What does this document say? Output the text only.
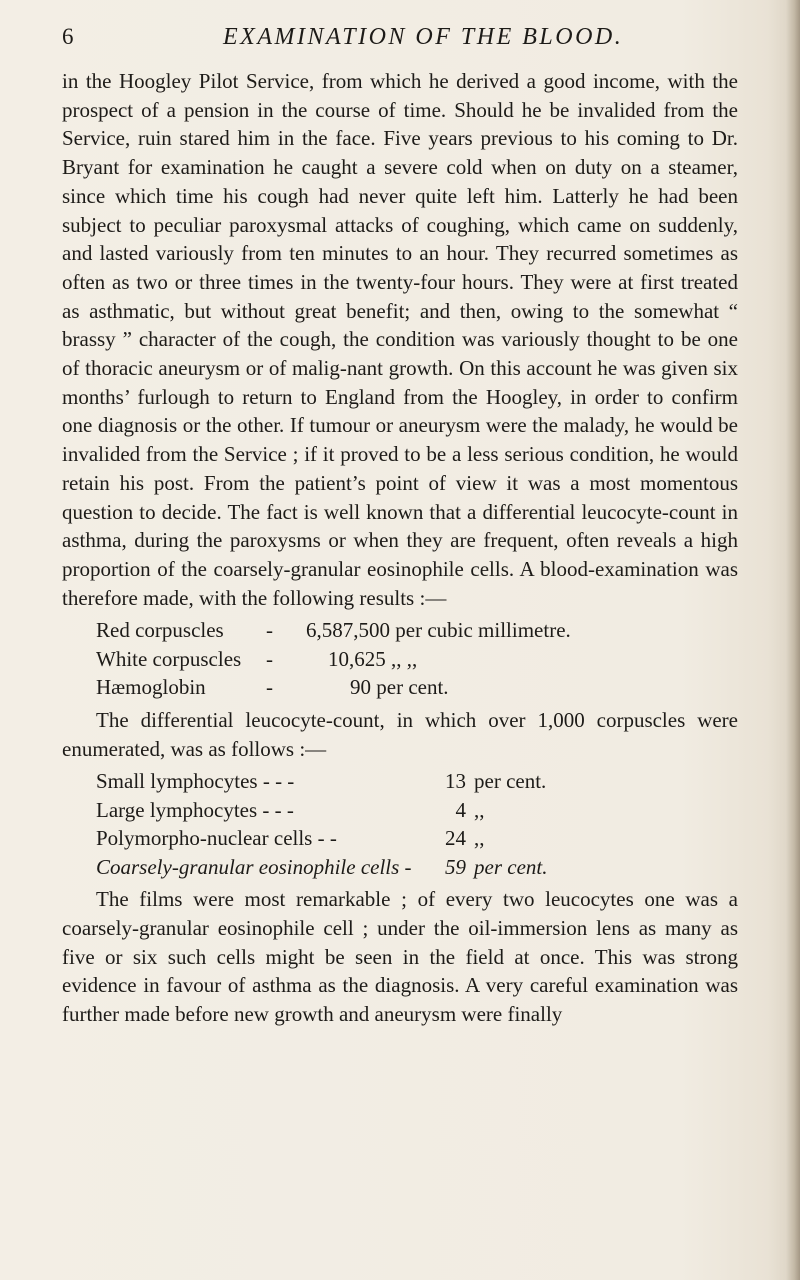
6	EXAMINATION OF THE BLOOD.

in the Hoogley Pilot Service, from which he derived a good income, with the prospect of a pension in the course of time. Should he be invalided from the Service, ruin stared him in the face. Five years previous to his coming to Dr. Bryant for examination he caught a severe cold when on duty on a steamer, since which time his cough had never quite left him. Latterly he had been subject to peculiar paroxysmal attacks of coughing, which came on suddenly, and lasted variously from ten minutes to an hour. They recurred sometimes as often as two or three times in the twenty-four hours. They were at first treated as asthmatic, but without great benefit; and then, owing to the somewhat “ brassy ” character of the cough, the condition was variously thought to be one of thoracic aneurysm or of malig-nant growth. On this account he was given six months’ furlough to return to England from the Hoogley, in order to confirm one diagnosis or the other. If tumour or aneurysm were the malady, he would be invalided from the Service ; if it proved to be a less serious condition, he would retain his post. From the patient’s point of view it was a most momentous question to decide. The fact is well known that a differential leucocyte-count in asthma, during the paroxysms or when they are frequent, often reveals a high proportion of the coarsely-granular eosinophile cells. A blood-examination was therefore made, with the following results :—

Red corpuscles	-	6,587,500 per cubic millimetre.
White corpuscles	-	10,625 ,, ,,
Hæmoglobin	-	90 per cent.

The differential leucocyte-count, in which over 1,000 corpuscles were enumerated, was as follows :—

Small lymphocytes - - -	13	per cent.
Large lymphocytes - - -	4	,,
Polymorpho-nuclear cells - -	24	,,
Coarsely-granular eosinophile cells -	59	per cent.

The films were most remarkable ; of every two leucocytes one was a coarsely-granular eosinophile cell ; under the oil-immersion lens as many as five or six such cells might be seen in the field at once. This was strong evidence in favour of asthma as the diagnosis. A very careful examination was further made before new growth and aneurysm were finally
